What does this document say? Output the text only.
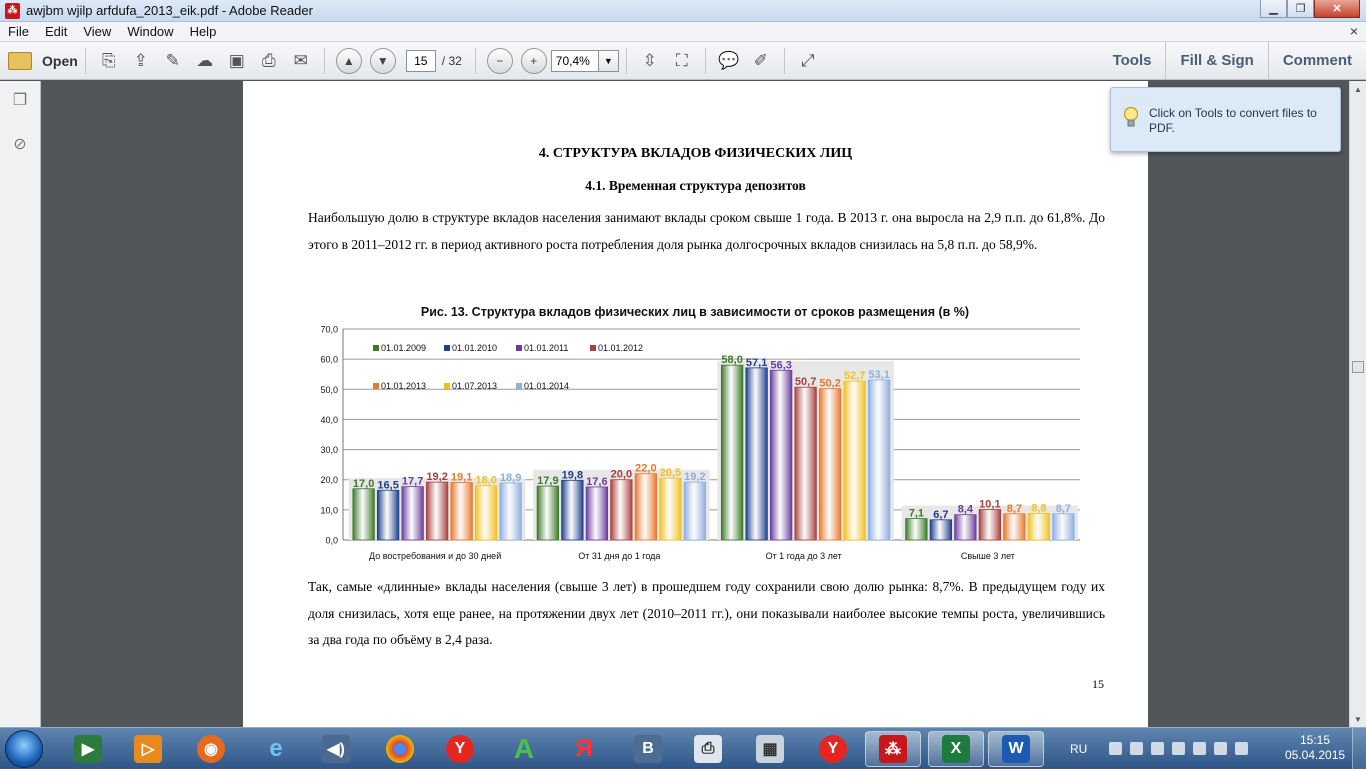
⁂ awjbm wjilp arfdufa_2013_eik.pdf - Adobe Reader	▁	❐	✕
File	Edit	View	Window	Help	×
Open	⎘	⇪	✎ ☁ ▣	⎙	✉	▲	▼	15	/ 32	−	+	70,4%	▼	⇳	⛶	💬 ✐	⤢	Tools	Fill & Sign	Comment
❐
⊘
4. СТРУКТУРА ВКЛАДОВ ФИЗИЧЕСКИХ ЛИЦ
4.1. Временная структура депозитов
Наибольшую долю в структуре вкладов населения занимают вклады сроком свыше 1 года. В 2013 г. она выросла на 2,9 п.п. до 61,8%. До этого в 2011–2012 гг. в период активного роста потребления доля рынка долгосрочных вкладов снизилась на 5,8 п.п. до 58,9%.
Рис. 13. Структура вкладов физических лиц в зависимости от сроков размещения (в %)
0,0
10,0
20,0
30,0
40,0
50,0
60,0
70,0
17,0 16,5 17,7 19,2 19,1 18,0 18,9
До востребования и до 30 дней
17,9 19,8
17,6
20,0
22,0 20,5 19,2
От 31 дня до 1 года
58,0 57,1 56,3
50,7 50,2
52,7 53,1
От 1 года до 3 лет
7,1 6,7 8,4 10,1 8,7 8,8 8,7
Свыше 3 лет
01.01.2009	01.01.2010	01.01.2011	01.01.2012
01.01.2013	01.07.2013	01.01.2014
Так, самые «длинные» вклады населения (свыше 3 лет) в прошедшем году сохранили свою долю рынка: 8,7%. В предыдущем году их доля снизилась, хотя еще ранее, на протяжении двух лет (2010–2011 гг.), они показывали наиболее высокие темпы роста, увеличившись за два года по объёму в 2,4 раза.
15
▲
▼
Click on Tools to convert files to PDF.
▶	▷	◉	e	◀)	Y	A Я	B	⎙	▦	Y	⁂	X	W	RU
15:15
05.04.2015
